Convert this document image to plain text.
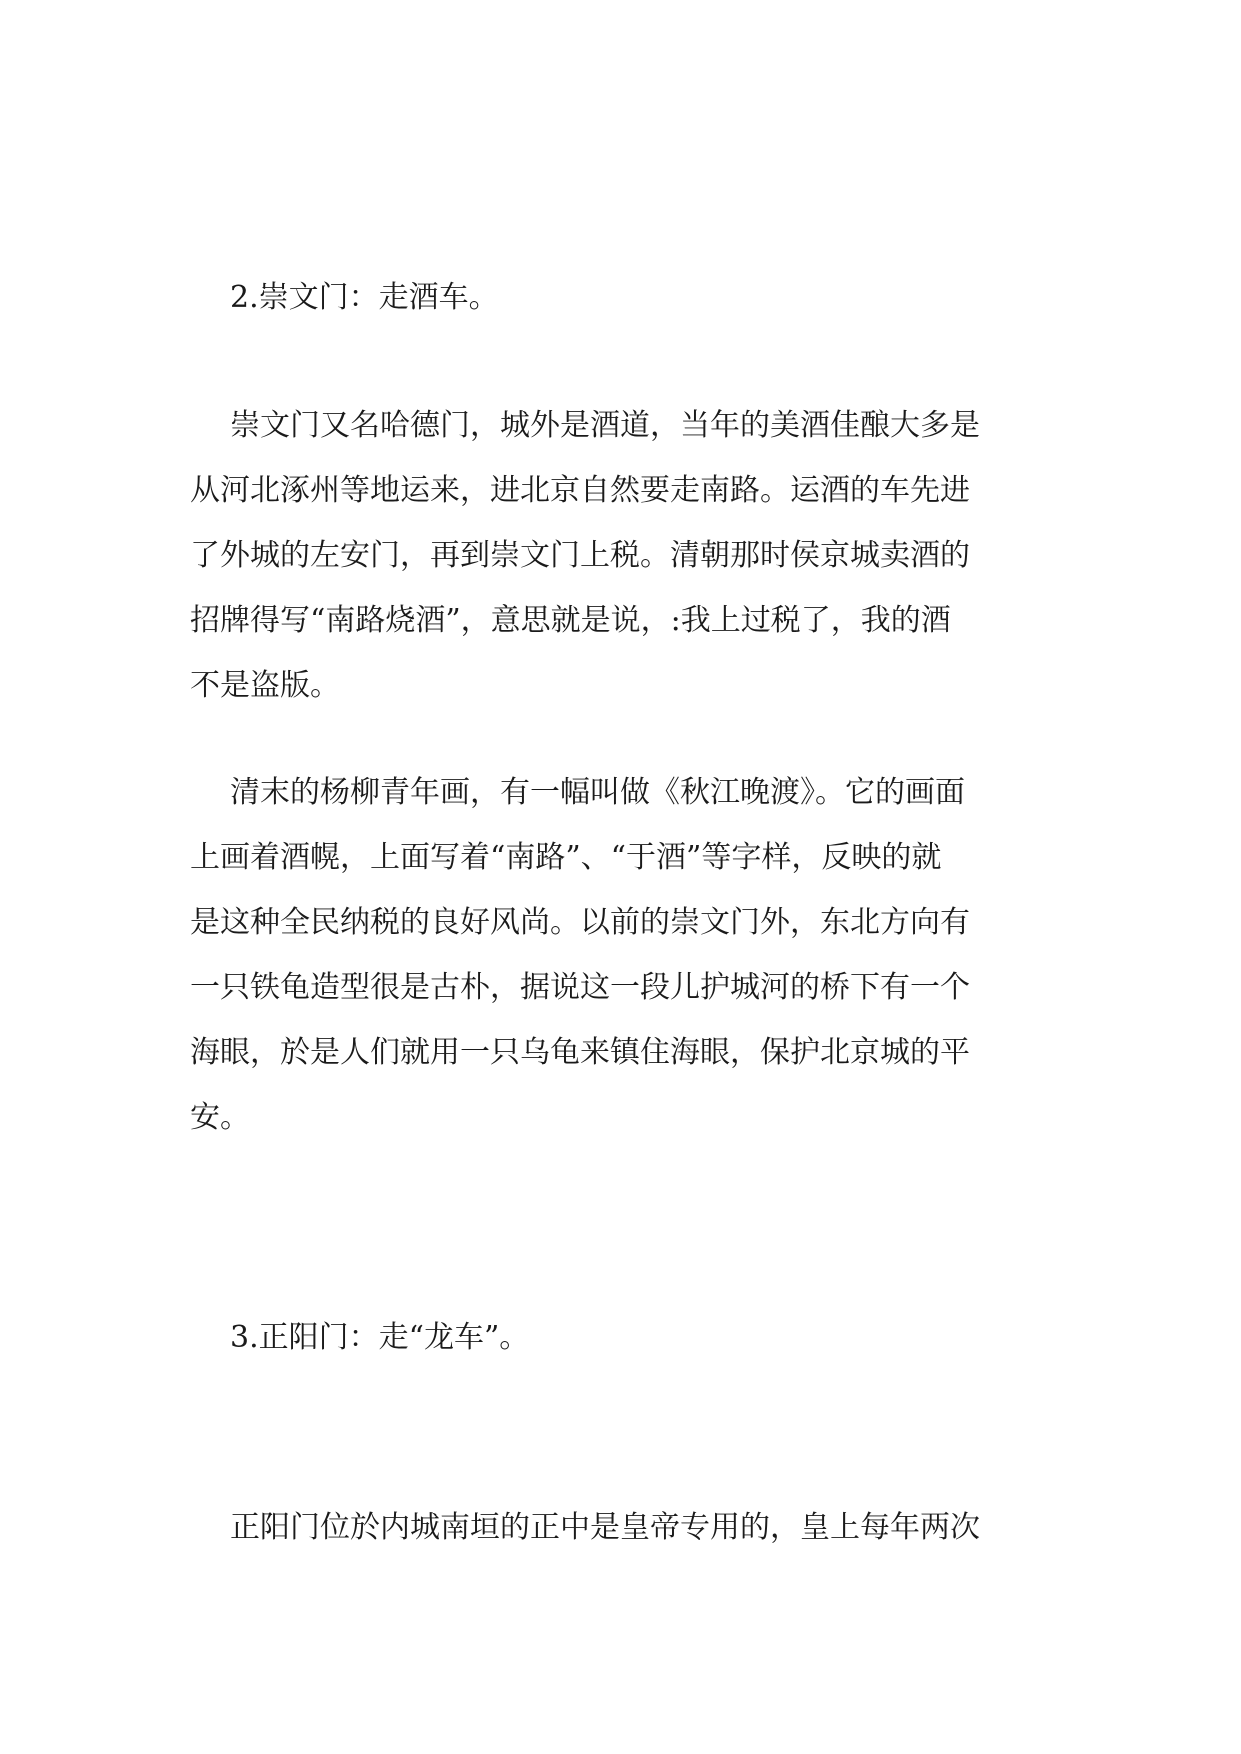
2.崇文门：走酒车。
崇文门又名哈德门，城外是酒道，当年的美酒佳酿大多是
从河北涿州等地运来，进北京自然要走南路。运酒的车先进
了外城的左安门，再到崇文门上税。清朝那时侯京城卖酒的
招牌得写“南路烧酒”，意思就是说，:我上过税了，我的酒
不是盗版。
清末的杨柳青年画，有一幅叫做《秋江晚渡》。它的画面
上画着酒幌，上面写着“南路”、“于酒”等字样，反映的就
是这种全民纳税的良好风尚。以前的崇文门外，东北方向有
一只铁龟造型很是古朴，据说这一段儿护城河的桥下有一个
海眼，於是人们就用一只乌龟来镇住海眼，保护北京城的平
安。
3.正阳门：走“龙车”。
正阳门位於内城南垣的正中是皇帝专用的，皇上每年两次
